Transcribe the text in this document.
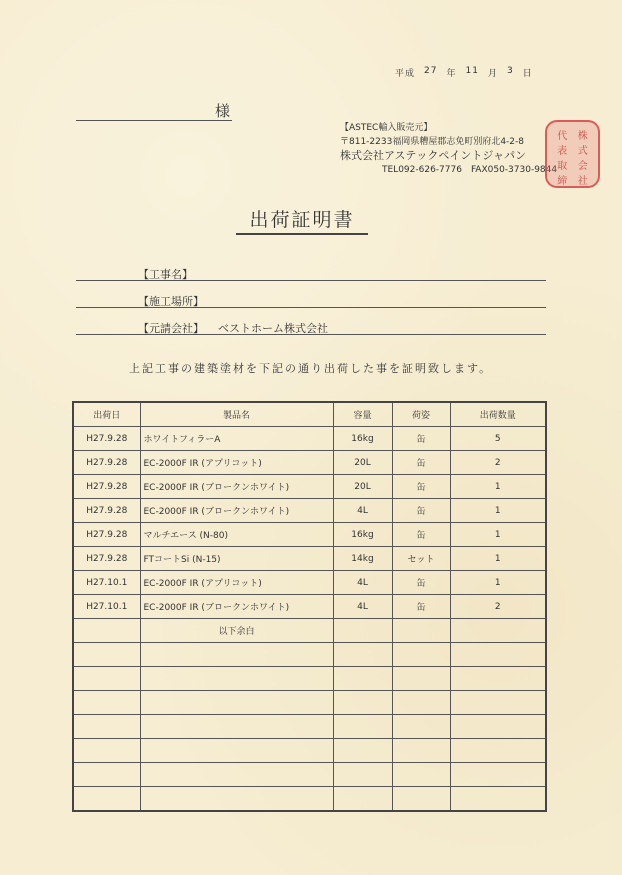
平成 27 年 11 月 3 日
様
【ASTEC輸入販売元】
〒811-2233福岡県糟屋郡志免町別府北4-2-8
株式会社アステックペイントジャパン
TEL092-626-7776　FAX050-3730-9844
代 株
表 式
取 会
締 社
出荷証明書
【工事名】
【施工場所】
【元請会社】 ベストホーム株式会社
上記工事の建築塗材を下記の通り出荷した事を証明致します。
出荷日	製品名	容量	荷姿	出荷数量
H27.9.28	ホワイトフィラーA	16kg	缶	5
H27.9.28	EC-2000F IR (アプリコット)	20L	缶	2
H27.9.28	EC-2000F IR (ブロークンホワイト)	20L	缶	1
H27.9.28	EC-2000F IR (ブロークンホワイト)	4L	缶	1
H27.9.28	マルチエース (N-80)	16kg	缶	1
H27.9.28	FTコートSi (N-15)	14kg	セット	1
H27.10.1	EC-2000F IR (アプリコット)	4L	缶	1
H27.10.1	EC-2000F IR (ブロークンホワイト)	4L	缶	2
	以下余白			
